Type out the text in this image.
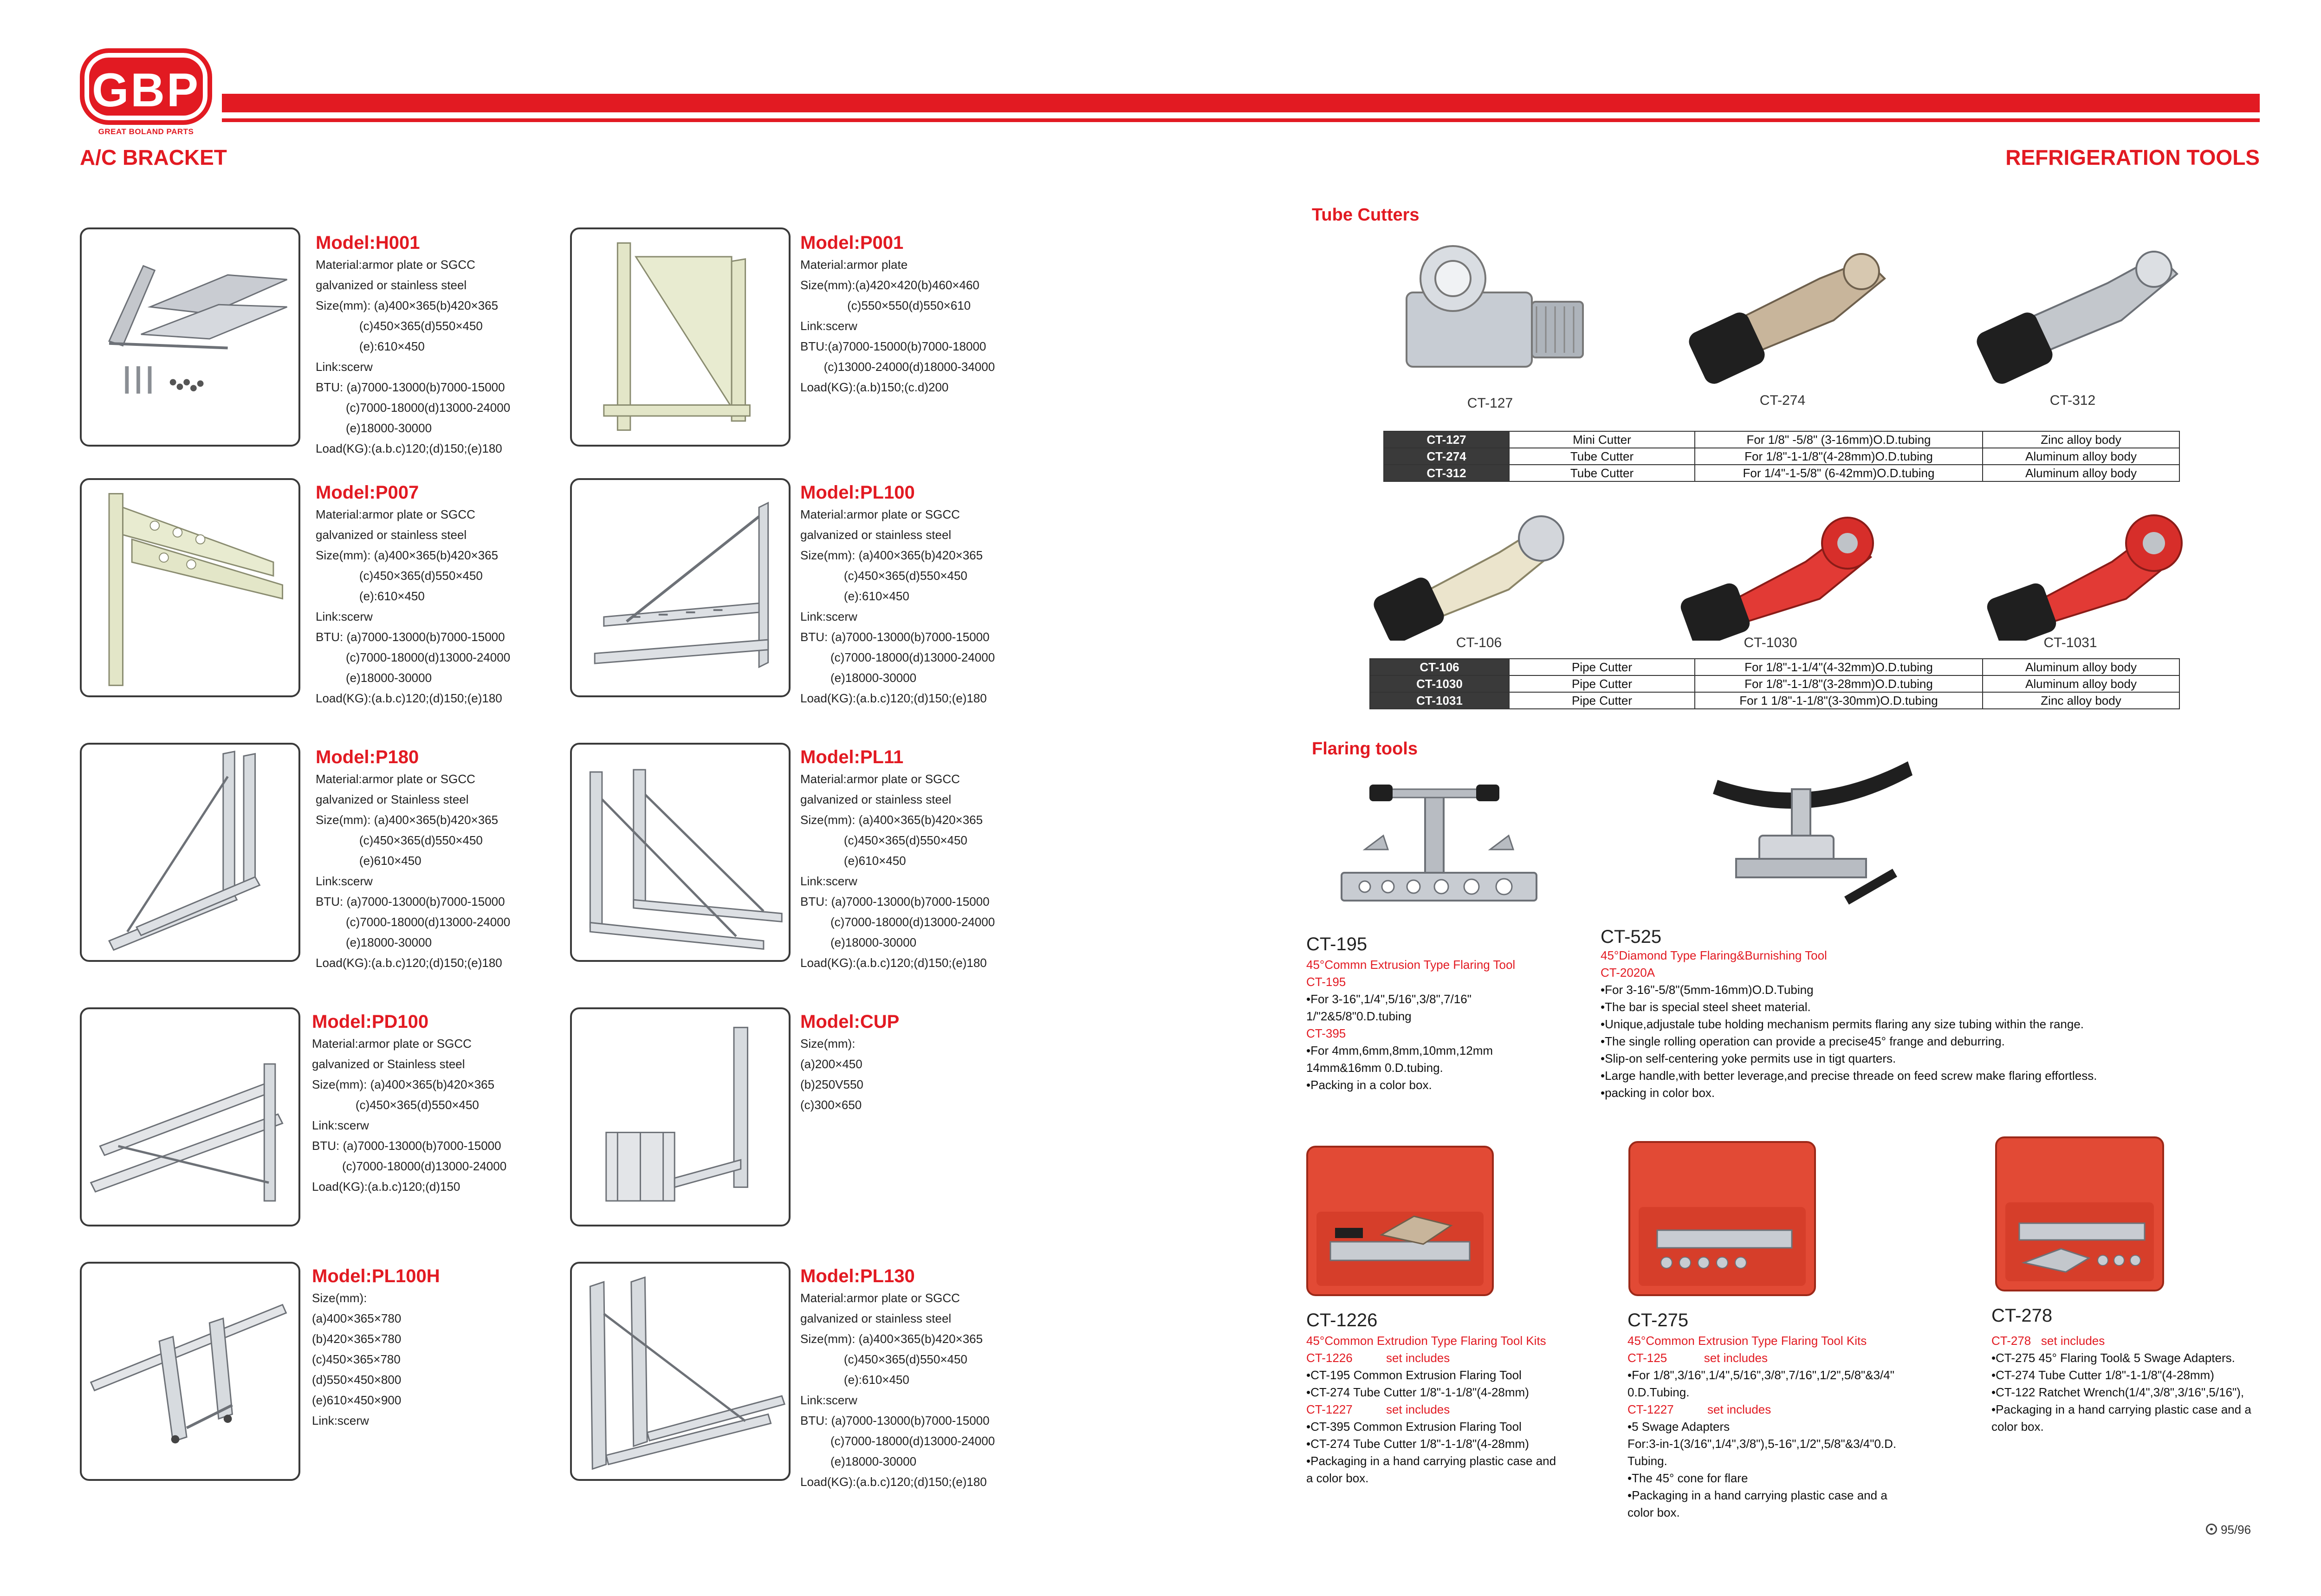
GBP
GREAT BOLAND PARTS
A/C BRACKET	REFRIGERATION TOOLS
Model:H001
Material:armor plate or SGCC
galvanized or stainless steel
Size(mm): (a)400×365(b)420×365
(c)450×365(d)550×450
(e):610×450
Link:scerw
BTU: (a)7000-13000(b)7000-15000
(c)7000-18000(d)13000-24000
(e)18000-30000
Load(KG):(a.b.c)120;(d)150;(e)180
Model:P001
Material:armor plate
Size(mm):(a)420×420(b)460×460
(c)550×550(d)550×610
Link:scerw
BTU:(a)7000-15000(b)7000-18000
(c)13000-24000(d)18000-34000
Load(KG):(a.b)150;(c.d)200
Model:P007
Material:armor plate or SGCC
galvanized or stainless steel
Size(mm): (a)400×365(b)420×365
(c)450×365(d)550×450
(e):610×450
Link:scerw
BTU: (a)7000-13000(b)7000-15000
(c)7000-18000(d)13000-24000
(e)18000-30000
Load(KG):(a.b.c)120;(d)150;(e)180
Model:PL100
Material:armor plate or SGCC
galvanized or stainless steel
Size(mm): (a)400×365(b)420×365
(c)450×365(d)550×450
(e):610×450
Link:scerw
BTU: (a)7000-13000(b)7000-15000
(c)7000-18000(d)13000-24000
(e)18000-30000
Load(KG):(a.b.c)120;(d)150;(e)180
Model:P180
Material:armor plate or SGCC
galvanized or Stainless steel
Size(mm): (a)400×365(b)420×365
(c)450×365(d)550×450
(e)610×450
Link:scerw
BTU: (a)7000-13000(b)7000-15000
(c)7000-18000(d)13000-24000
(e)18000-30000
Load(KG):(a.b.c)120;(d)150;(e)180
Model:PL11
Material:armor plate or SGCC
galvanized or stainless steel
Size(mm): (a)400×365(b)420×365
(c)450×365(d)550×450
(e)610×450
Link:scerw
BTU: (a)7000-13000(b)7000-15000
(c)7000-18000(d)13000-24000
(e)18000-30000
Load(KG):(a.b.c)120;(d)150;(e)180
Model:PD100
Material:armor plate or SGCC
galvanized or Stainless steel
Size(mm): (a)400×365(b)420×365
(c)450×365(d)550×450
Link:scerw
BTU: (a)7000-13000(b)7000-15000
(c)7000-18000(d)13000-24000
Load(KG):(a.b.c)120;(d)150
Model:CUP
Size(mm):
(a)200×450
(b)250V550
(c)300×650
Model:PL100H
Size(mm):
(a)400×365×780
(b)420×365×780
(c)450×365×780
(d)550×450×800
(e)610×450×900
Link:scerw
Model:PL130
Material:armor plate or SGCC
galvanized or stainless steel
Size(mm): (a)400×365(b)420×365
(c)450×365(d)550×450
(e):610×450
Link:scerw
BTU: (a)7000-13000(b)7000-15000
(c)7000-18000(d)13000-24000
(e)18000-30000
Load(KG):(a.b.c)120;(d)150;(e)180
Tube Cutters
CT-127	CT-274	CT-312
CT-127	Mini Cutter	For 1/8" -5/8" (3-16mm)O.D.tubing	Zinc alloy body
CT-274	Tube Cutter	For 1/8"-1-1/8"(4-28mm)O.D.tubing	Aluminum alloy body
CT-312	Tube Cutter	For 1/4"-1-5/8" (6-42mm)O.D.tubing	Aluminum alloy body
CT-106	CT-1030	CT-1031
CT-106	Pipe Cutter	For 1/8"-1-1/4"(4-32mm)O.D.tubing	Aluminum alloy body
CT-1030	Pipe Cutter	For 1/8"-1-1/8"(3-28mm)O.D.tubing	Aluminum alloy body
CT-1031	Pipe Cutter	For 1 1/8"-1-1/8"(3-30mm)O.D.tubing	Zinc alloy body
Flaring tools
CT-195
45°Commn Extrusion Type Flaring Tool
CT-195
•For 3-16",1/4",5/16",3/8",7/16"
1/"2&5/8"0.D.tubing
CT-395
•For 4mm,6mm,8mm,10mm,12mm
14mm&16mm 0.D.tubing.
•Packing in a color box.
CT-525
45°Diamond Type Flaring&Burnishing Tool
CT-2020A
•For 3-16"-5/8"(5mm-16mm)O.D.Tubing
•The bar is special steel sheet material.
•Unique,adjustale tube holding mechanism permits flaring any size tubing within the range.
•The single rolling operation can provide a precise45° frange and deburring.
•Slip-on self-centering yoke permits use in tigt quarters.
•Large handle,with better leverage,and precise threade on feed screw make flaring effortless.
•packing in color box.
CT-1226
45°Common Extrudion Type Flaring Tool Kits
CT-1226          set includes
•CT-195 Common Extrusion Flaring Tool
•CT-274 Tube Cutter 1/8"-1-1/8"(4-28mm)
CT-1227          set includes
•CT-395 Common Extrusion Flaring Tool
•CT-274 Tube Cutter 1/8"-1-1/8"(4-28mm)
•Packaging in a hand carrying plastic case and
a color box.
CT-275
45°Common Extrusion Type Flaring Tool Kits
CT-125           set includes
•For 1/8",3/16",1/4",5/16",3/8",7/16",1/2",5/8"&3/4"
0.D.Tubing.
CT-1227          set includes
•5 Swage Adapters
For:3-in-1(3/16",1/4",3/8"),5-16",1/2",5/8"&3/4"0.D.
Tubing.
•The 45° cone for flare
•Packaging in a hand carrying plastic case and a
color box.
CT-278
CT-278   set includes
•CT-275 45° Flaring Tool& 5 Swage Adapters.
•CT-274 Tube Cutter 1/8"-1-1/8"(4-28mm)
•CT-122 Ratchet Wrench(1/4",3/8",3/16",5/16"),
•Packaging in a hand carrying plastic case and a
color box.
95/96
